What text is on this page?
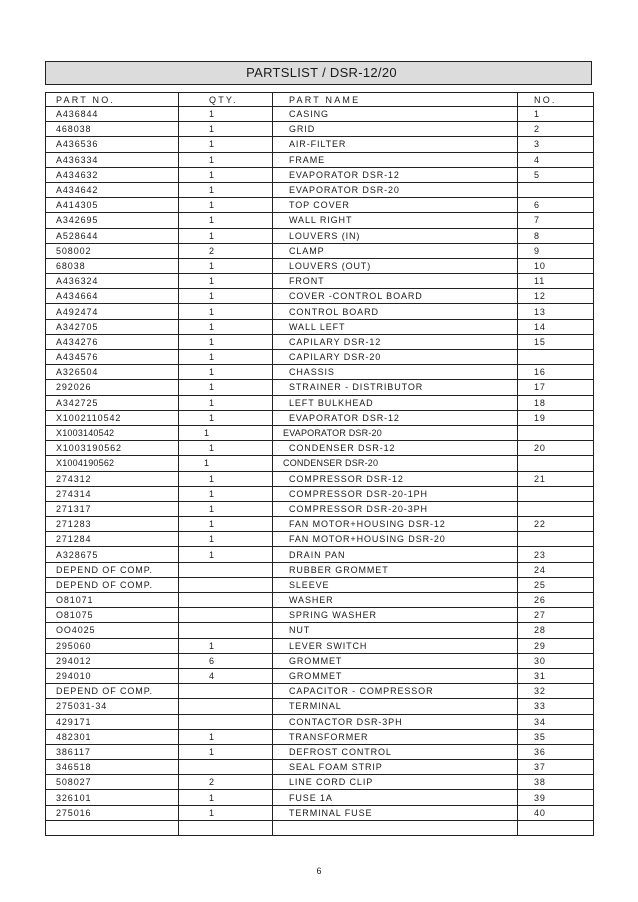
PARTSLIST / DSR-12/20
PART NO.	QTY.	PART NAME	NO.
A436844	1	CASING	1
468038	1	GRID	2
A436536	1	AIR-FILTER	3
A436334	1	FRAME	4
A434632	1	EVAPORATOR DSR-12	5
A434642	1	EVAPORATOR DSR-20	
A414305	1	TOP COVER	6
A342695	1	WALL RIGHT	7
A528644	1	LOUVERS (IN)	8
508002	2	CLAMP	9
68038	1	LOUVERS (OUT)	10
A436324	1	FRONT	11
A434664	1	COVER -CONTROL BOARD	12
A492474	1	CONTROL BOARD	13
A342705	1	WALL LEFT	14
A434276	1	CAPILARY DSR-12	15
A434576	1	CAPILARY DSR-20	
A326504	1	CHASSIS	16
292026	1	STRAINER - DISTRIBUTOR	17
A342725	1	LEFT BULKHEAD	18
X1002110542	1	EVAPORATOR DSR-12	19
X1003140542	1	EVAPORATOR DSR-20	
X1003190562	1	CONDENSER DSR-12	20
X1004190562	1	CONDENSER DSR-20	
274312	1	COMPRESSOR DSR-12	21
274314	1	COMPRESSOR DSR-20-1PH	
271317	1	COMPRESSOR DSR-20-3PH	
271283	1	FAN MOTOR+HOUSING DSR-12	22
271284	1	FAN MOTOR+HOUSING DSR-20	
A328675	1	DRAIN PAN	23
DEPEND OF COMP.		RUBBER GROMMET	24
DEPEND OF COMP.		SLEEVE	25
O81071		WASHER	26
O81075		SPRING WASHER	27
OO4025		NUT	28
295060	1	LEVER SWITCH	29
294012	6	GROMMET	30
294010	4	GROMMET	31
DEPEND OF COMP.		CAPACITOR - COMPRESSOR	32
275031-34		TERMINAL	33
429171		CONTACTOR DSR-3PH	34
482301	1	TRANSFORMER	35
386117	1	DEFROST CONTROL	36
346518		SEAL FOAM STRIP	37
508027	2	LINE CORD CLIP	38
326101	1	FUSE 1A	39
275016	1	TERMINAL FUSE	40

6
